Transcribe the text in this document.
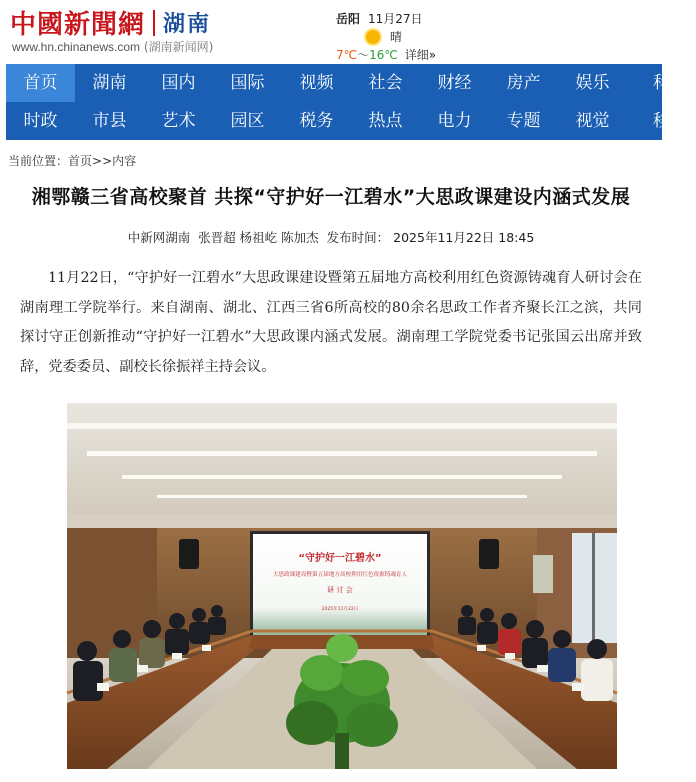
中國新聞網 湖南
www.hn.chinanews.com (湖南新闻网)
岳阳 11月27日
晴
7℃～16℃ 详细»
首页	湖南	国内	国际	视频	社会	财经	房产	娱乐	科
时政	市县	艺术	园区	税务	热点	电力	专题	视觉	移
当前位置：首页>>内容
湘鄂赣三省高校聚首 共探“守护好一江碧水”大思政课建设内涵式发展
中新网湖南 张晋超 杨祖屹 陈加杰 发布时间： 2025年11月22日 18:45

11月22日，“守护好一江碧水”大思政课建设暨第五届地方高校利用红色资源铸魂育人研讨会在湖南理工学院举行。来自湖南、湖北、江西三省6所高校的80余名思政工作者齐聚长江之滨，共同探讨守正创新推动“守护好一江碧水”大思政课内涵式发展。湖南理工学院党委书记张国云出席并致辞，党委委员、副校长徐振祥主持会议。

“守护好一江碧水”
大思政课建设暨第五届地方高校利用红色资源铸魂育人
研 讨 会
2025年11月22日
